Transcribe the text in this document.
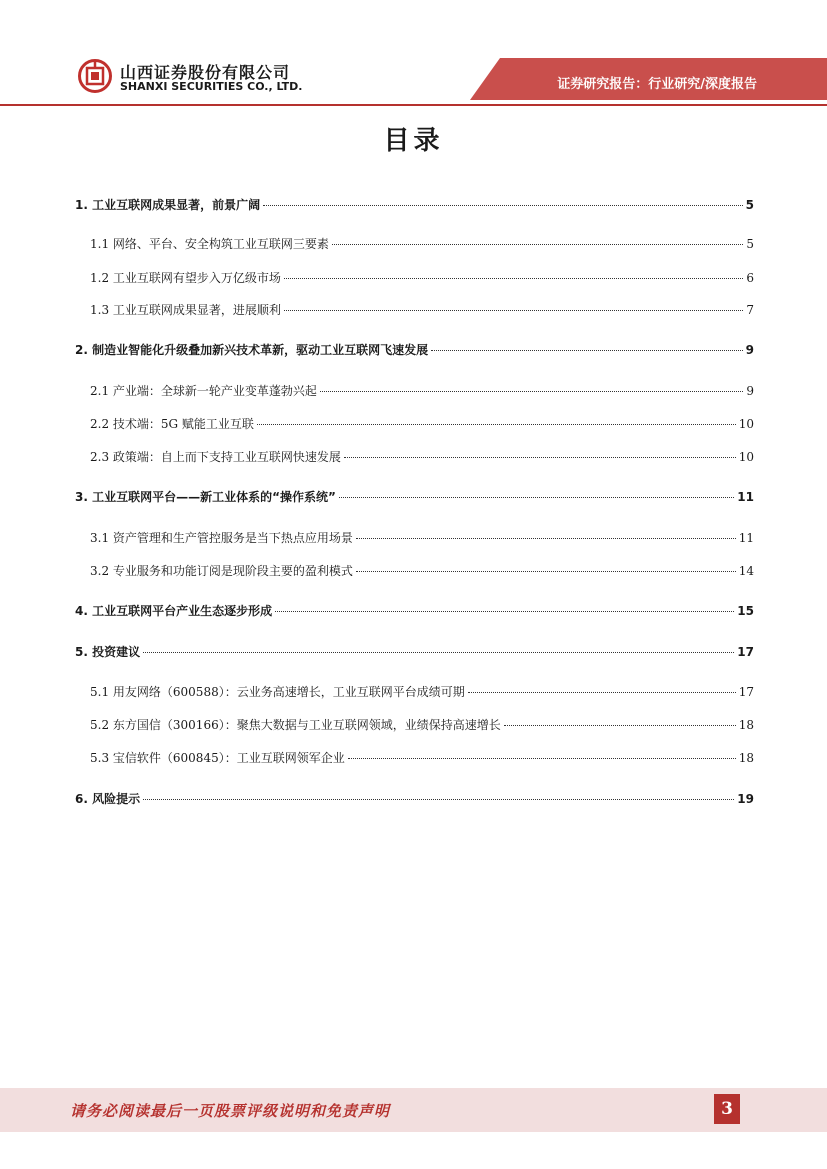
山西证券股份有限公司
SHANXI SECURITIES CO., LTD.	证券研究报告：行业研究/深度报告
目录
1. 工业互联网成果显著，前景广阔	5
1.1 网络、平台、安全构筑工业互联网三要素	5
1.2 工业互联网有望步入万亿级市场	6
1.3 工业互联网成果显著，进展顺利	7
2. 制造业智能化升级叠加新兴技术革新，驱动工业互联网飞速发展	9
2.1 产业端：全球新一轮产业变革蓬勃兴起	9
2.2 技术端：5G 赋能工业互联	10
2.3 政策端：自上而下支持工业互联网快速发展	10
3. 工业互联网平台——新工业体系的“操作系统”	11
3.1 资产管理和生产管控服务是当下热点应用场景	11
3.2 专业服务和功能订阅是现阶段主要的盈利模式	14
4. 工业互联网平台产业生态逐步形成	15
5. 投资建议	17
5.1 用友网络（600588）：云业务高速增长，工业互联网平台成绩可期	17
5.2 东方国信（300166）：聚焦大数据与工业互联网领域，业绩保持高速增长	18
5.3 宝信软件（600845）：工业互联网领军企业	18
6. 风险提示	19
请务必阅读最后一页股票评级说明和免责声明	3
